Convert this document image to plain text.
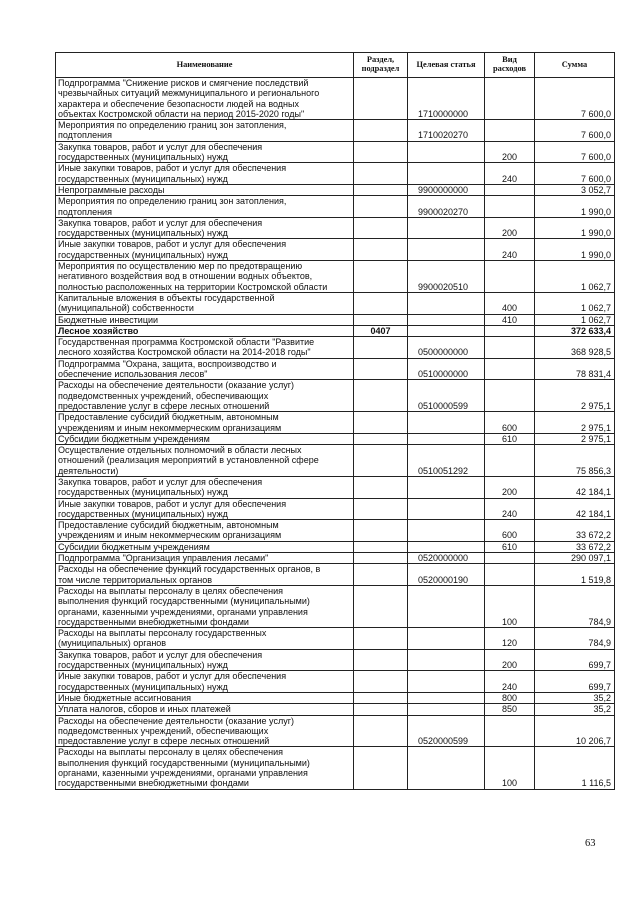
Наименование	Раздел, подраздел	Целевая статья	Вид расходов	Сумма

Подпрограмма "Снижение рисков и смягчение последствий
чрезвычайных ситуаций межмуниципального и регионального
характера и обеспечение безопасности людей на водных
объектах Костромской области на период 2015-2020 годы"		1710000000		7 600,0

Мероприятия по определению границ зон затопления,
подтопления		1710020270		7 600,0

Закупка товаров, работ и услуг для обеспечения
государственных (муниципальных) нужд			200	7 600,0

Иные закупки товаров, работ и услуг для обеспечения
государственных (муниципальных) нужд			240	7 600,0

Непрограммные расходы		9900000000		3 052,7

Мероприятия по определению границ зон затопления,
подтопления		9900020270		1 990,0

Закупка товаров, работ и услуг для обеспечения
государственных (муниципальных) нужд			200	1 990,0

Иные закупки товаров, работ и услуг для обеспечения
государственных (муниципальных) нужд			240	1 990,0

Мероприятия по осуществлению мер по предотвращению
негативного воздействия вод в отношении водных объектов,
полностью расположенных на территории Костромской области		9900020510		1 062,7

Капитальные вложения в объекты государственной
(муниципальной) собственности			400	1 062,7

Бюджетные инвестиции			410	1 062,7

Лесное хозяйство	0407			372 633,4

Государственная программа Костромской области "Развитие
лесного хозяйства Костромской области на 2014-2018 годы"		0500000000		368 928,5

Подпрограмма "Охрана, защита, воспроизводство и
обеспечение использования лесов"		0510000000		78 831,4

Расходы на обеспечение деятельности (оказание услуг)
подведомственных учреждений, обеспечивающих
предоставление услуг в сфере лесных отношений		0510000599		2 975,1

Предоставление субсидий бюджетным, автономным
учреждениям и иным некоммерческим организациям			600	2 975,1

Субсидии бюджетным учреждениям			610	2 975,1

Осуществление отдельных полномочий в области лесных
отношений (реализация мероприятий в установленной сфере
деятельности)		0510051292		75 856,3

Закупка товаров, работ и услуг для обеспечения
государственных (муниципальных) нужд			200	42 184,1

Иные закупки товаров, работ и услуг для обеспечения
государственных (муниципальных) нужд			240	42 184,1

Предоставление субсидий бюджетным, автономным
учреждениям и иным некоммерческим организациям			600	33 672,2

Субсидии бюджетным учреждениям			610	33 672,2

Подпрограмма "Организация управления лесами"		0520000000		290 097,1

Расходы на обеспечение функций государственных органов, в
том числе территориальных органов		0520000190		1 519,8

Расходы на выплаты персоналу в целях обеспечения
выполнения функций государственными (муниципальными)
органами, казенными учреждениями, органами управления
государственными внебюджетными фондами			100	784,9

Расходы на выплаты персоналу государственных
(муниципальных) органов			120	784,9

Закупка товаров, работ и услуг для обеспечения
государственных (муниципальных) нужд			200	699,7

Иные закупки товаров, работ и услуг для обеспечения
государственных (муниципальных) нужд			240	699,7

Иные бюджетные ассигнования			800	35,2

Уплата налогов, сборов и иных платежей			850	35,2

Расходы на обеспечение деятельности (оказание услуг)
подведомственных учреждений, обеспечивающих
предоставление услуг в сфере лесных отношений		0520000599		10 206,7

Расходы на выплаты персоналу в целях обеспечения
выполнения функций государственными (муниципальными)
органами, казенными учреждениями, органами управления
государственными внебюджетными фондами			100	1 116,5
63
